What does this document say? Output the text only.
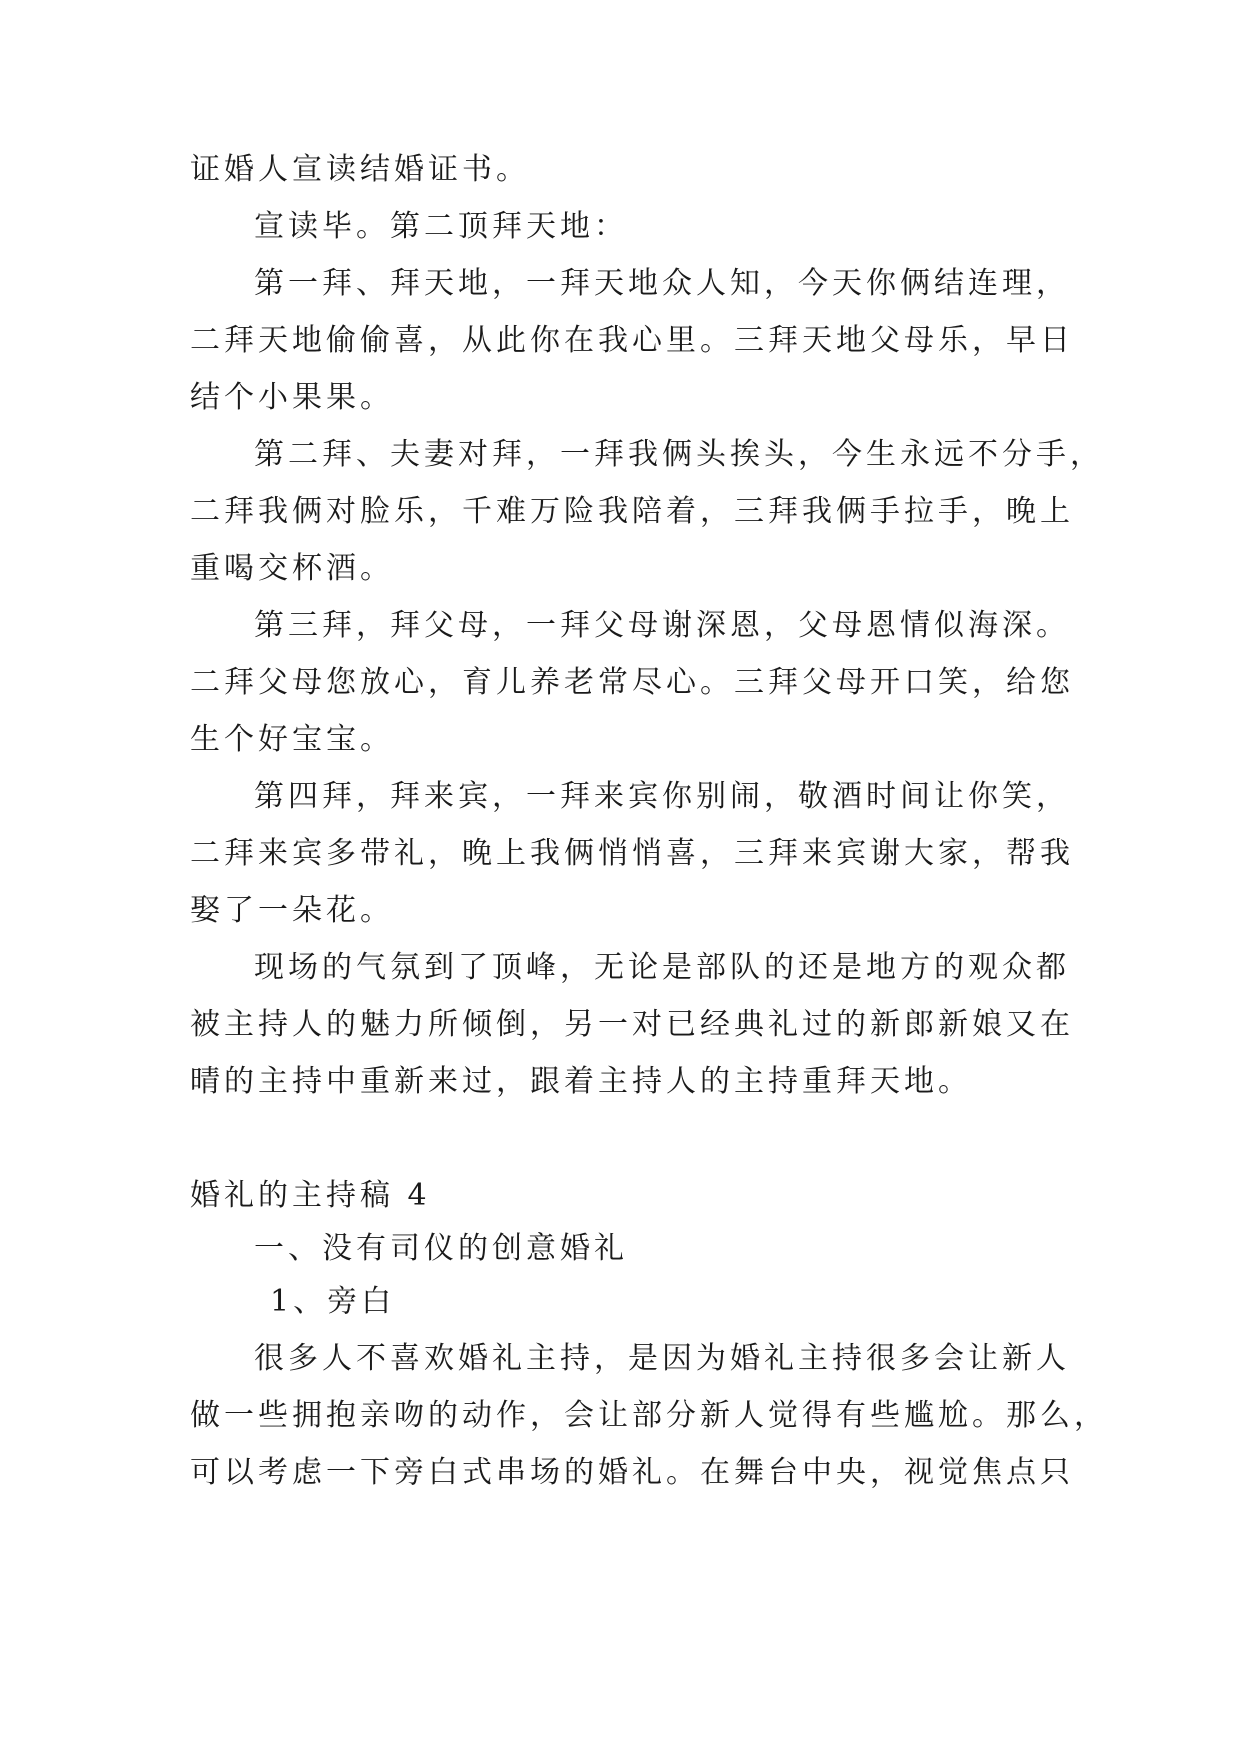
证婚人宣读结婚证书。
宣读毕。第二顶拜天地：
第一拜、拜天地，一拜天地众人知，今天你俩结连理，
二拜天地偷偷喜，从此你在我心里。三拜天地父母乐，早日
结个小果果。
第二拜、夫妻对拜，一拜我俩头挨头，今生永远不分手，
二拜我俩对脸乐，千难万险我陪着，三拜我俩手拉手，晚上
重喝交杯酒。
第三拜，拜父母，一拜父母谢深恩，父母恩情似海深。
二拜父母您放心，育儿养老常尽心。三拜父母开口笑，给您
生个好宝宝。
第四拜，拜来宾，一拜来宾你别闹，敬酒时间让你笑，
二拜来宾多带礼，晚上我俩悄悄喜，三拜来宾谢大家，帮我
娶了一朵花。
现场的气氛到了顶峰，无论是部队的还是地方的观众都
被主持人的魅力所倾倒，另一对已经典礼过的新郎新娘又在
晴的主持中重新来过，跟着主持人的主持重拜天地。
婚礼的主持稿 4
一、没有司仪的创意婚礼
1、旁白
很多人不喜欢婚礼主持，是因为婚礼主持很多会让新人
做一些拥抱亲吻的动作，会让部分新人觉得有些尴尬。那么，
可以考虑一下旁白式串场的婚礼。在舞台中央，视觉焦点只
